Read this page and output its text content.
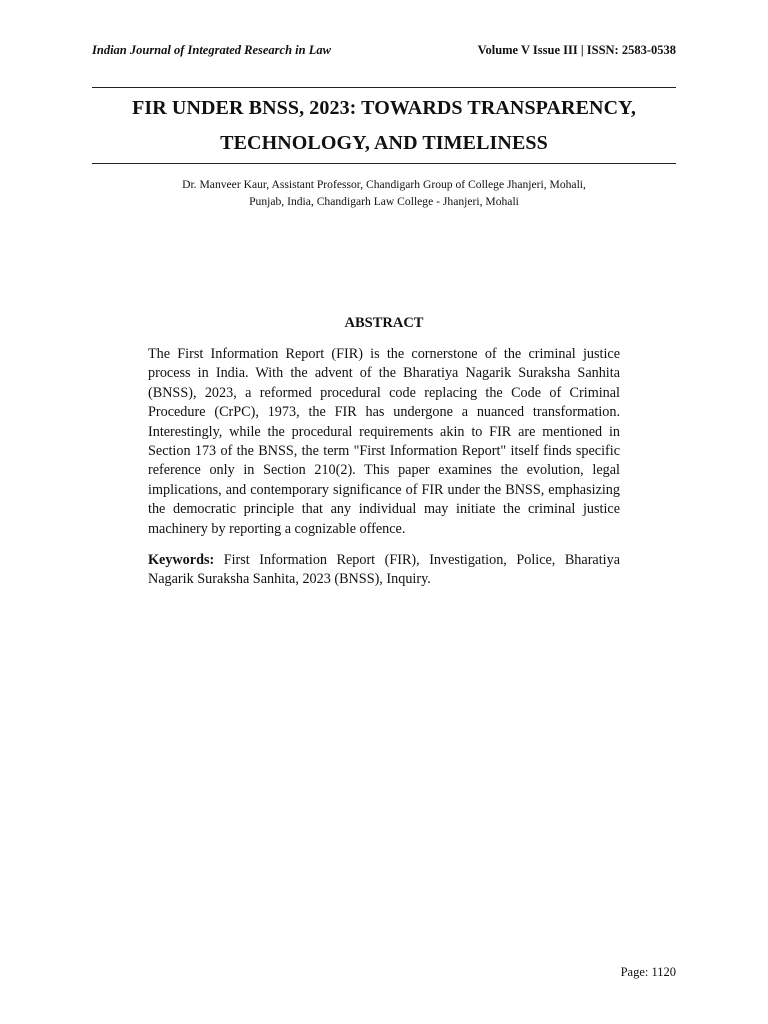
Indian Journal of Integrated Research in Law	Volume V Issue III | ISSN: 2583-0538
FIR UNDER BNSS, 2023: TOWARDS TRANSPARENCY,
TECHNOLOGY, AND TIMELINESS

Dr. Manveer Kaur, Assistant Professor, Chandigarh Group of College Jhanjeri, Mohali,
Punjab, India, Chandigarh Law College - Jhanjeri, Mohali

ABSTRACT

The First Information Report (FIR) is the cornerstone of the criminal justice process in India. With the advent of the Bharatiya Nagarik Suraksha Sanhita (BNSS), 2023, a reformed procedural code replacing the Code of Criminal Procedure (CrPC), 1973, the FIR has undergone a nuanced transformation. Interestingly, while the procedural requirements akin to FIR are mentioned in Section 173 of the BNSS, the term "First Information Report" itself finds specific reference only in Section 210(2). This paper examines the evolution, legal implications, and contemporary significance of FIR under the BNSS, emphasizing the democratic principle that any individual may initiate the criminal justice machinery by reporting a cognizable offence.

Keywords: First Information Report (FIR), Investigation, Police, Bharatiya Nagarik Suraksha Sanhita, 2023 (BNSS), Inquiry.

Page: 1120
